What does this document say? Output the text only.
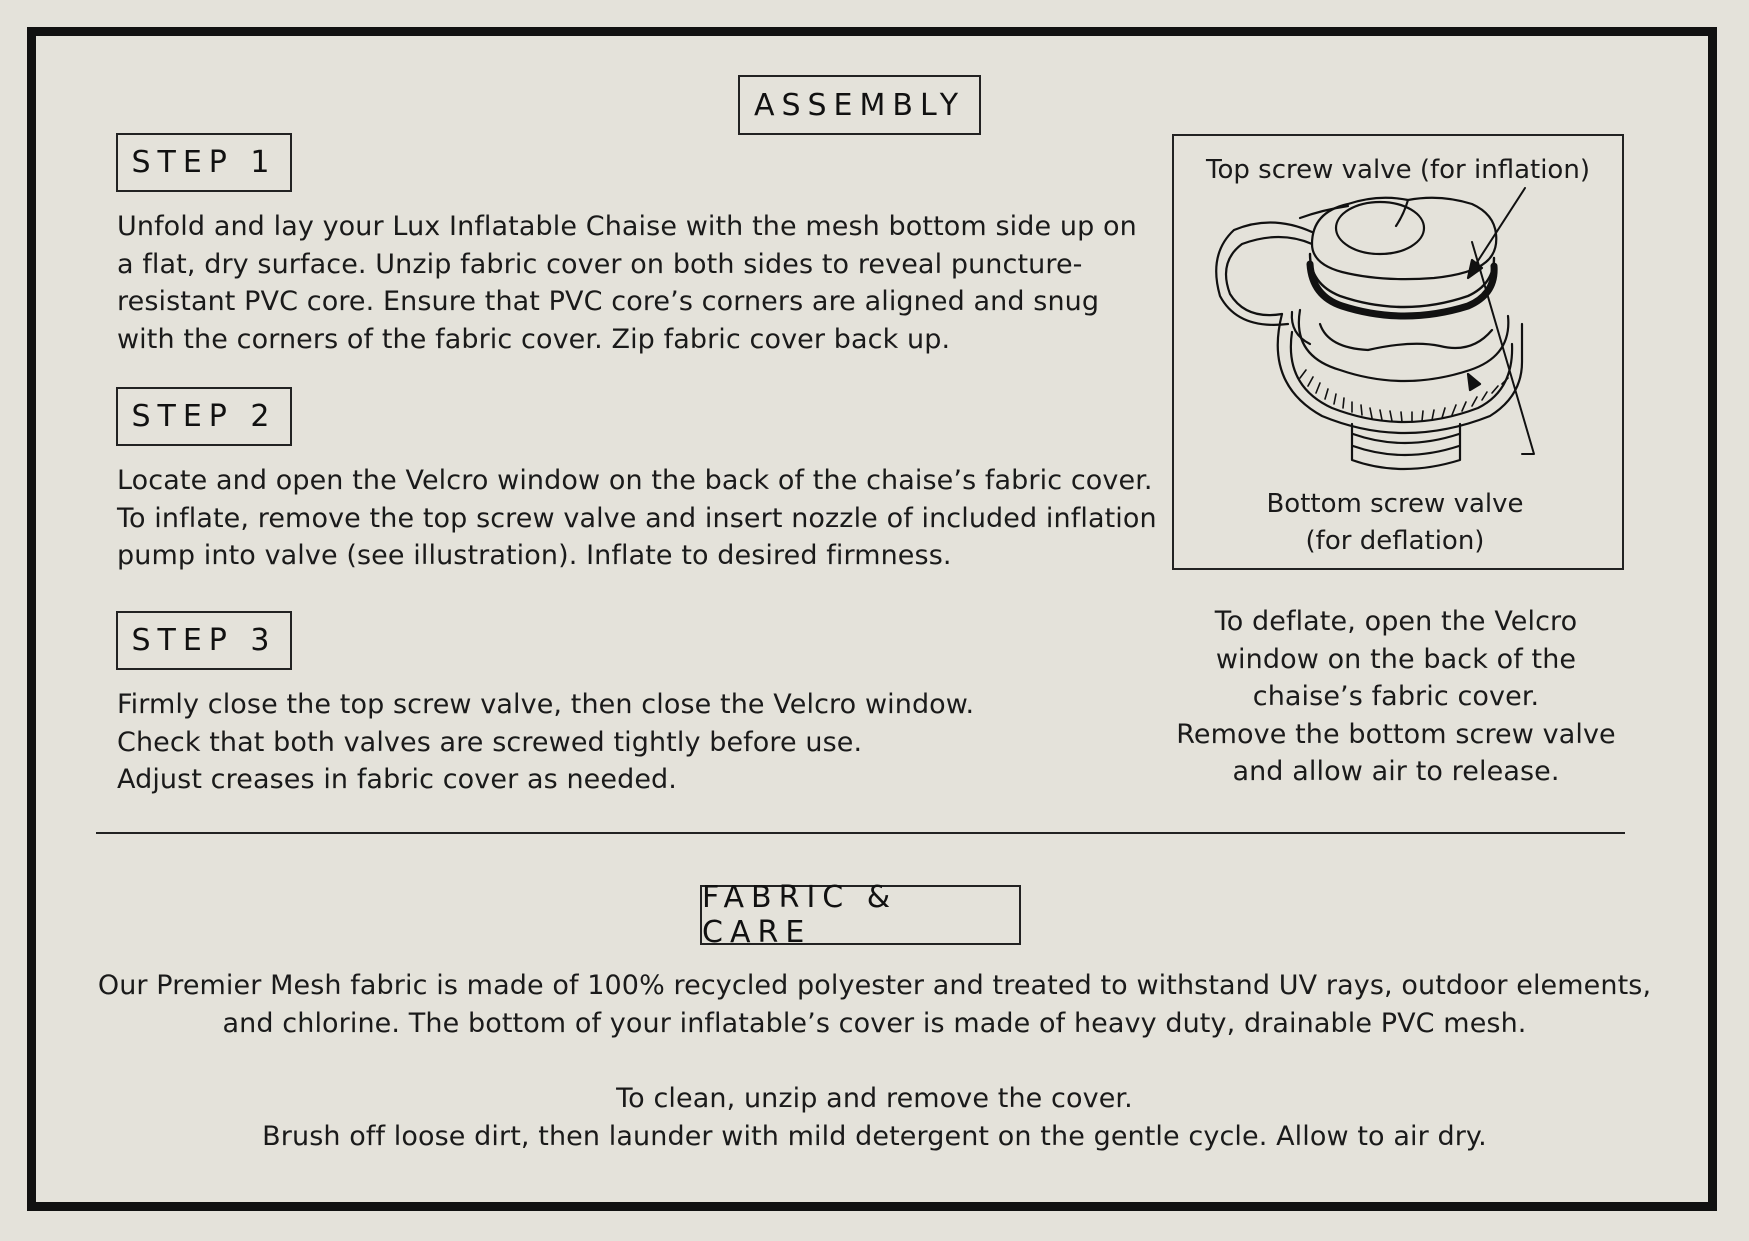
ASSEMBLY
STEP 1
Unfold and lay your Lux Inflatable Chaise with the mesh bottom side up on
a flat, dry surface. Unzip fabric cover on both sides to reveal puncture-
resistant PVC core. Ensure that PVC core’s corners are aligned and snug
with the corners of the fabric cover. Zip fabric cover back up.
STEP 2
Locate and open the Velcro window on the back of the chaise’s fabric cover.
To inflate, remove the top screw valve and insert nozzle of included inflation
pump into valve (see illustration). Inflate to desired firmness.
STEP 3
Firmly close the top screw valve, then close the Velcro window.
Check that both valves are screwed tightly before use.
Adjust creases in fabric cover as needed.
Top screw valve (for inflation)
Bottom screw valve
(for deflation)
To deflate, open the Velcro
window on the back of the
chaise’s fabric cover.
Remove the bottom screw valve
and allow air to release.
FABRIC & CARE
Our Premier Mesh fabric is made of 100% recycled polyester and treated to withstand UV rays, outdoor elements,
and chlorine. The bottom of your inflatable’s cover is made of heavy duty, drainable PVC mesh.
To clean, unzip and remove the cover.
Brush off loose dirt, then launder with mild detergent on the gentle cycle. Allow to air dry.
